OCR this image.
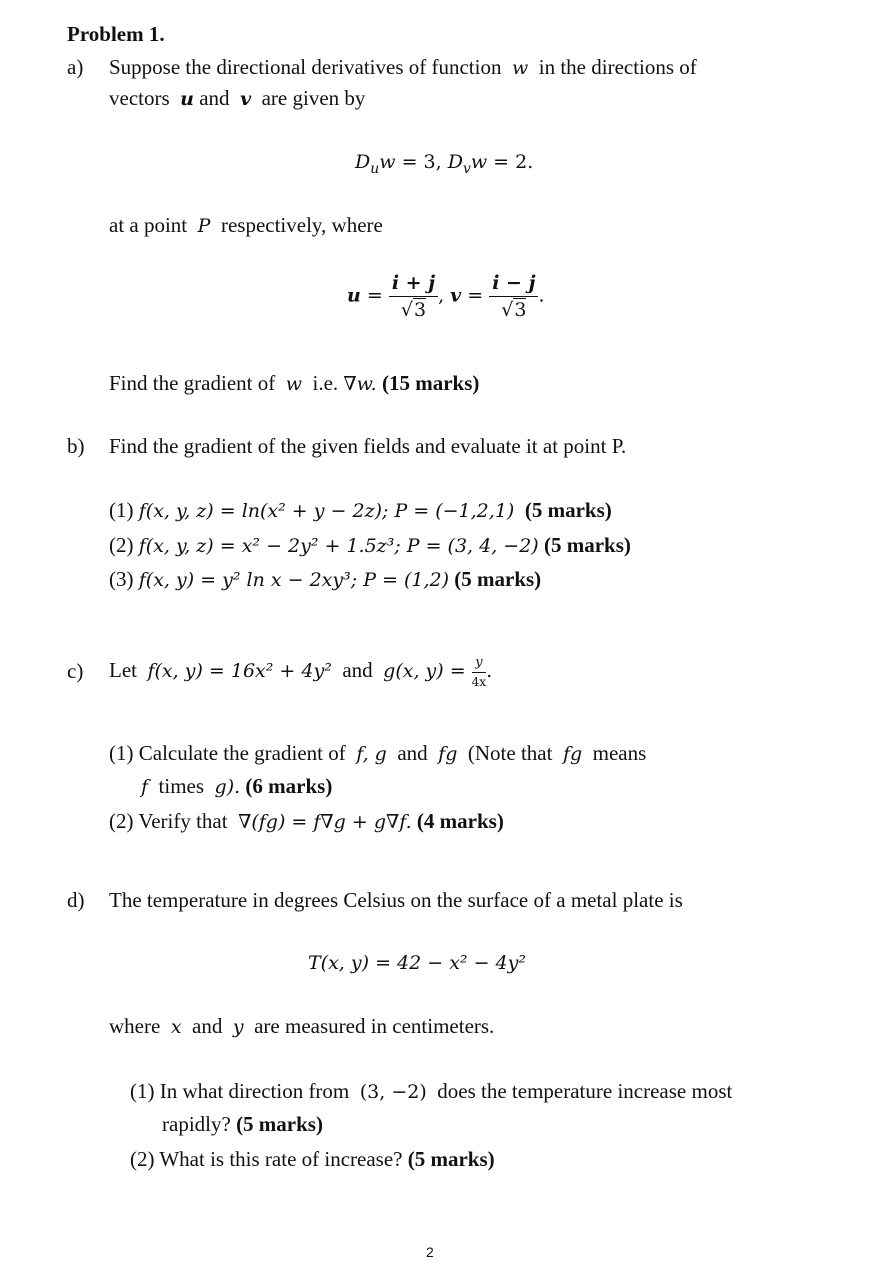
Problem 1.
a) Suppose the directional derivatives of function w in the directions of
vectors u and v are given by
$D_uw = 3$, $D_vw = 2$.
at a point P respectively, where
$u = \frac{i + j}{√3}$ , $v = \frac{i - j}{√3}$ .
Find the gradient of w i.e. ∇w. (15 marks)
b) Find the gradient of the given fields and evaluate it at point P.
(1) f(x, y, z) = ln(x² + y − 2z); P = (−1,2,1) (5 marks)
(2) f(x, y, z) = x² − 2y² + 1.5z³; P = (3, 4, −2) (5 marks)
(3) f(x, y) = y² ln x − 2xy³; P = (1,2) (5 marks)
c) Let f(x, y) = 16x² + 4y² and g(x, $y) = \frac{y}{4x}$ .
(1) Calculate the gradient of f, g and fg (Note that fg means
f times g). (6 marks)
(2) Verify that ∇(fg) = f∇g + g∇f. (4 marks)
d) The temperature in degrees Celsius on the surface of a metal plate is
T(x, y) = 42 − x² − 4y²
where x and y are measured in centimeters.
(1) In what direction from (3, −2) does the temperature increase most
rapidly? (5 marks)
(2) What is this rate of increase? (5 marks)
2
